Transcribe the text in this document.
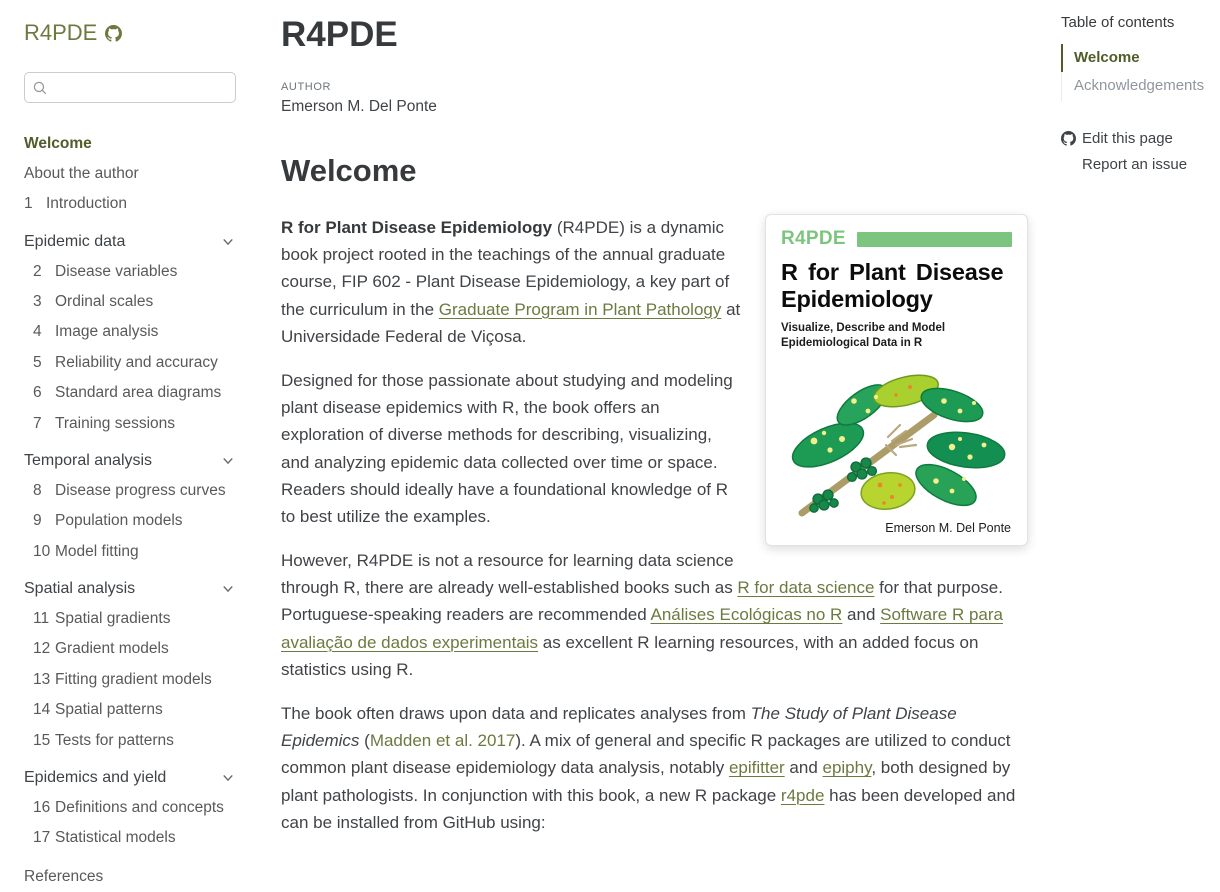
R4PDE
Welcome
About the author
1 Introduction
Epidemic data
2 Disease variables
3 Ordinal scales
4 Image analysis
5 Reliability and accuracy
6 Standard area diagrams
7 Training sessions
Temporal analysis
8 Disease progress curves
9 Population models
10 Model fitting
Spatial analysis
11 Spatial gradients
12 Gradient models
13 Fitting gradient models
14 Spatial patterns
15 Tests for patterns
Epidemics and yield
16 Definitions and concepts
17 Statistical models
References
R4PDE
AUTHOR
Emerson M. Del Ponte
Welcome
R4PDE
R for Plant Disease Epidemiology
Visualize, Describe and Model
Epidemiological Data in R
Emerson M. Del Ponte

R for Plant Disease Epidemiology (R4PDE) is a dynamic book project rooted in the teachings of the annual graduate course, FIP 602 - Plant Disease Epidemiology, a key part of the curriculum in the Graduate Program in Plant Pathology at Universidade Federal de Viçosa.

Designed for those passionate about studying and modeling plant disease epidemics with R, the book offers an exploration of diverse methods for describing, visualizing, and analyzing epidemic data collected over time or space. Readers should ideally have a foundational knowledge of R to best utilize the examples.

However, R4PDE is not a resource for learning data science through R, there are already well-established books such as R for data science for that purpose. Portuguese-speaking readers are recommended Análises Ecológicas no R and Software R para avaliação de dados experimentais as excellent R learning resources, with an added focus on statistics using R.

The book often draws upon data and replicates analyses from The Study of Plant Disease Epidemics (Madden et al. 2017). A mix of general and specific R packages are utilized to conduct common plant disease epidemiology data analysis, notably epifitter and epiphy, both designed by plant pathologists. In conjunction with this book, a new R package r4pde has been developed and can be installed from GitHub using:

Table of contents
Welcome
Acknowledgements
Edit this page
Report an issue
